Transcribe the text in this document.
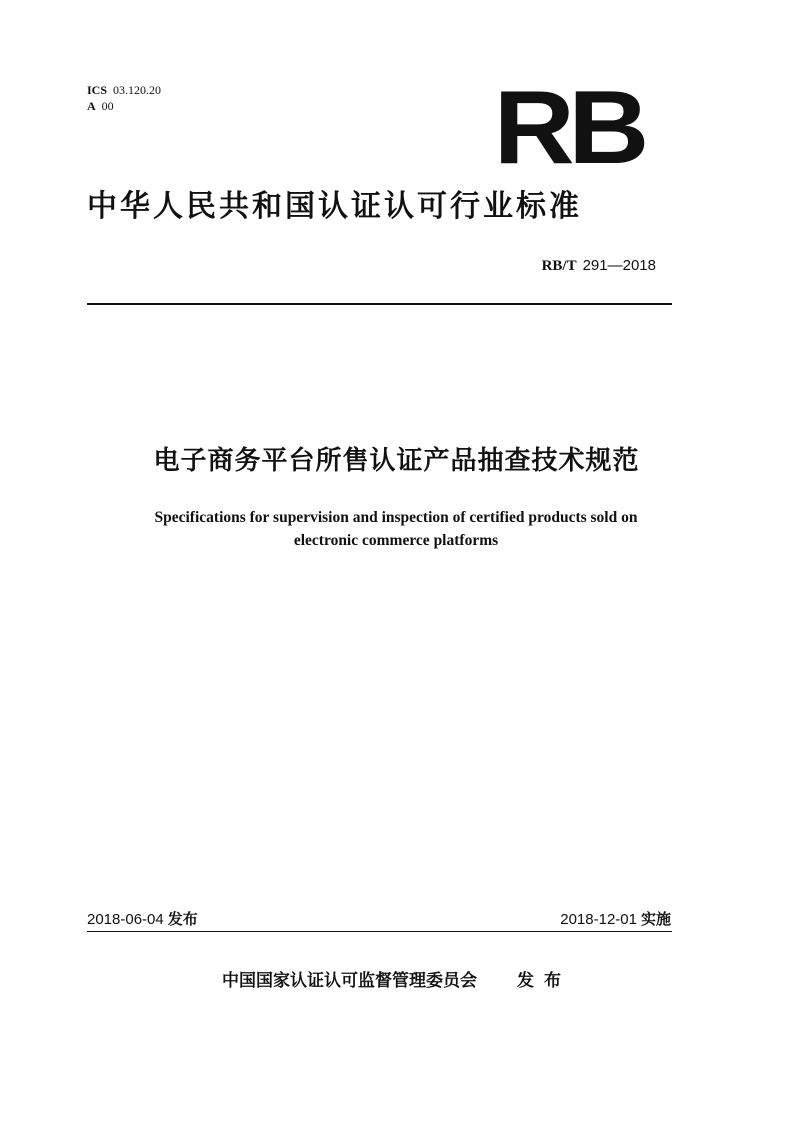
ICS 03.120.20
A 00	RB
中华人民共和国认证认可行业标准
RB/T 291—2018
电子商务平台所售认证产品抽查技术规范
Specifications for supervision and inspection of certified products sold on
electronic commerce platforms
2018-06-04 发布	2018-12-01 实施
中国国家认证认可监督管理委员会 发布
